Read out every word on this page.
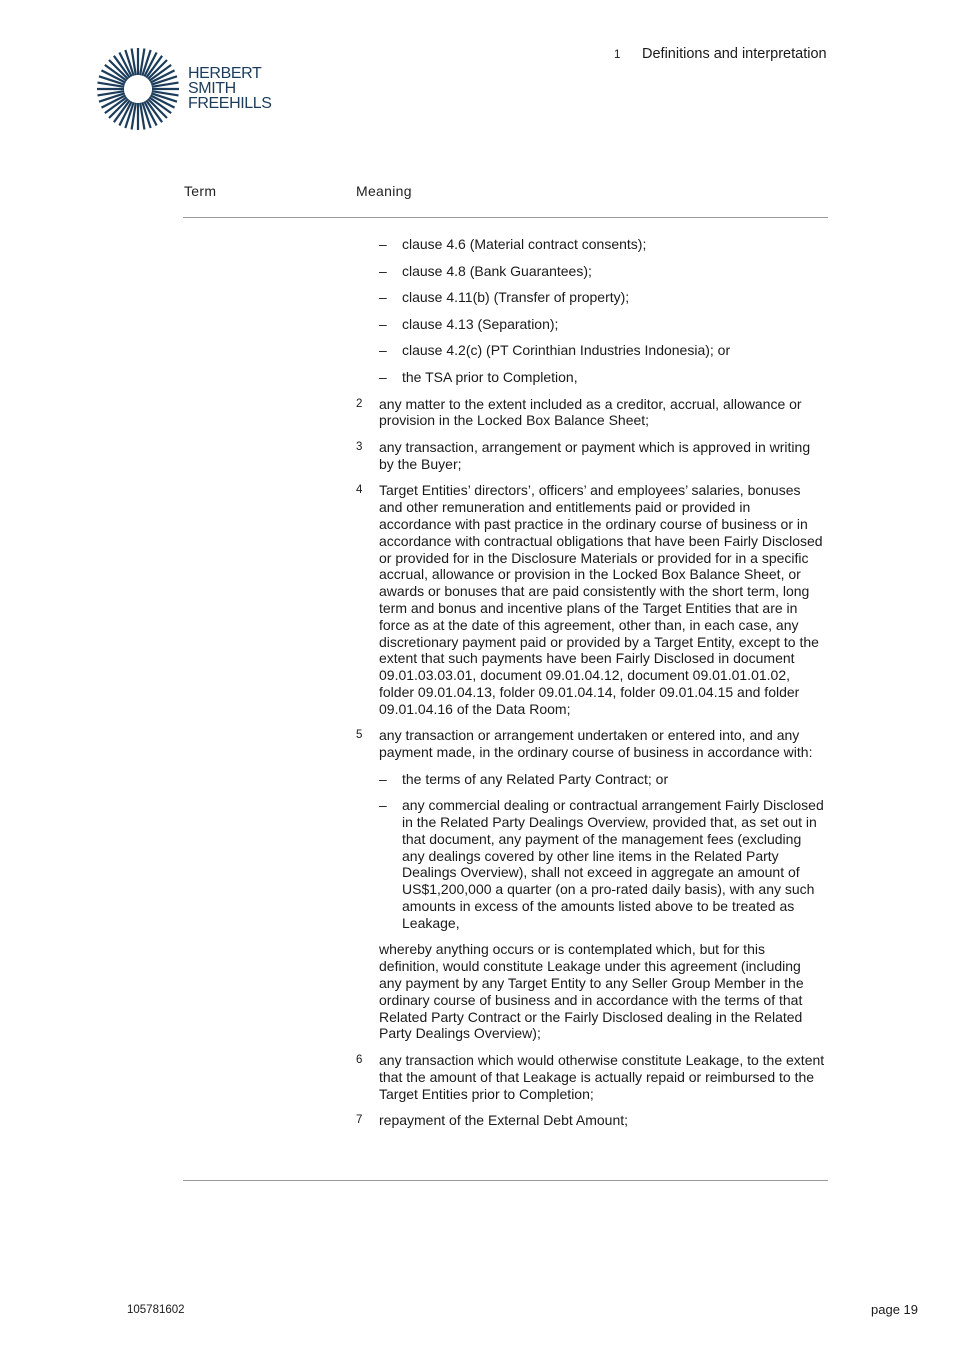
HERBERT
SMITH
FREEHILLS
1 Definitions and interpretation
Term	Meaning
–	clause 4.6 (Material contract consents);
–	clause 4.8 (Bank Guarantees);
–	clause 4.11(b) (Transfer of property);
–	clause 4.13 (Separation);
–	clause 4.2(c) (PT Corinthian Industries Indonesia); or
–	the TSA prior to Completion,
2	any matter to the extent included as a creditor, accrual, allowance or provision in the Locked Box Balance Sheet;
3	any transaction, arrangement or payment which is approved in writing by the Buyer;
4	Target Entities’ directors’, officers’ and employees’ salaries, bonuses and other remuneration and entitlements paid or provided in accordance with past practice in the ordinary course of business or in accordance with contractual obligations that have been Fairly Disclosed or provided for in the Disclosure Materials or provided for in a specific accrual, allowance or provision in the Locked Box Balance Sheet, or awards or bonuses that are paid consistently with the short term, long term and bonus and incentive plans of the Target Entities that are in force as at the date of this agreement, other than, in each case, any discretionary payment paid or provided by a Target Entity, except to the extent that such payments have been Fairly Disclosed in document 09.01.03.03.01, document 09.01.04.12, document 09.01.01.01.02, folder 09.01.04.13, folder 09.01.04.14, folder 09.01.04.15 and folder 09.01.04.16 of the Data Room;
5	any transaction or arrangement undertaken or entered into, and any payment made, in the ordinary course of business in accordance with:
–	the terms of any Related Party Contract; or
–	any commercial dealing or contractual arrangement Fairly Disclosed in the Related Party Dealings Overview, provided that, as set out in that document, any payment of the management fees (excluding any dealings covered by other line items in the Related Party Dealings Overview), shall not exceed in aggregate an amount of US$1,200,000 a quarter (on a pro-rated daily basis), with any such amounts in excess of the amounts listed above to be treated as Leakage,
whereby anything occurs or is contemplated which, but for this definition, would constitute Leakage under this agreement (including any payment by any Target Entity to any Seller Group Member in the ordinary course of business and in accordance with the terms of that Related Party Contract or the Fairly Disclosed dealing in the Related Party Dealings Overview);
6	any transaction which would otherwise constitute Leakage, to the extent that the amount of that Leakage is actually repaid or reimbursed to the Target Entities prior to Completion;
7	repayment of the External Debt Amount;
105781602	page 19
